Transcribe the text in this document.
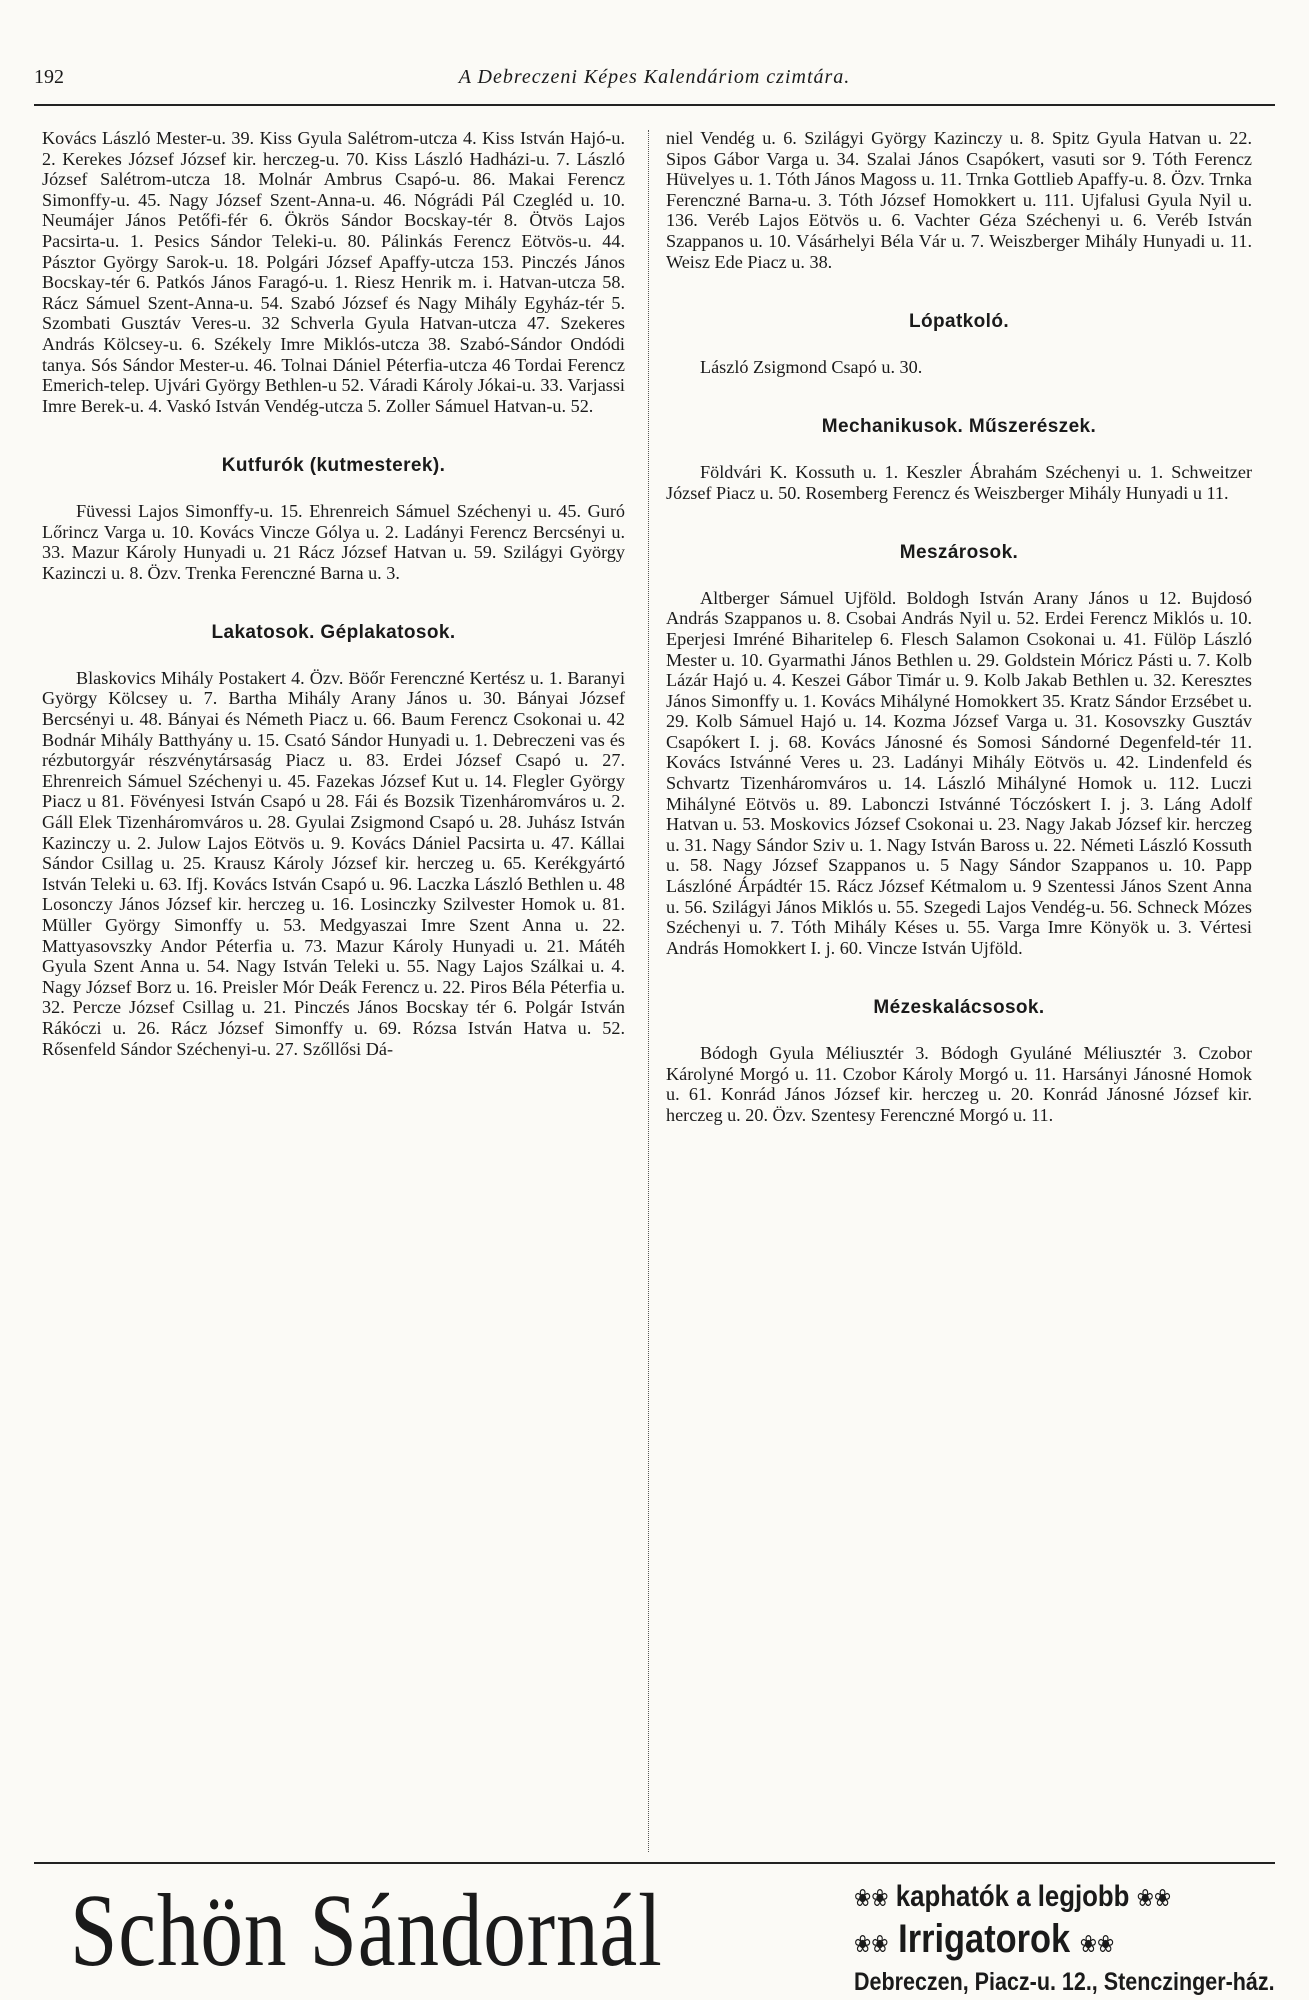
192	A Debreczeni Képes Kalendáriom czimtára.

Kovács László Mester-u. 39. Kiss Gyula Salétrom-utcza 4. Kiss István Hajó-u. 2. Kerekes József József kir. herczeg-u. 70. Kiss László Hadházi-u. 7. László József Salétrom-utcza 18. Molnár Ambrus Csapó-u. 86. Makai Ferencz Simonffy-u. 45. Nagy József Szent-Anna-u. 46. Nógrádi Pál Czegléd u. 10. Neumájer János Petőfi-fér 6. Ökrös Sándor Bocskay-tér 8. Ötvös Lajos Pacsirta-u. 1. Pesics Sándor Teleki-u. 80. Pálinkás Ferencz Eötvös-u. 44. Pásztor György Sarok-u. 18. Polgári József Apaffy-utcza 153. Pinczés János Bocskay-tér 6. Patkós János Faragó-u. 1. Riesz Henrik m. i. Hatvan-utcza 58. Rácz Sámuel Szent-Anna-u. 54. Szabó József és Nagy Mihály Egyház-tér 5. Szombati Gusztáv Veres-u. 32 Schverla Gyula Hatvan-utcza 47. Szekeres András Kölcsey-u. 6. Székely Imre Miklós-utcza 38. Szabó-Sándor Ondódi tanya. Sós Sándor Mester-u. 46. Tolnai Dániel Péterfia-utcza 46 Tordai Ferencz Emerich-telep. Ujvári György Bethlen-u 52. Váradi Károly Jókai-u. 33. Varjassi Imre Berek-u. 4. Vaskó István Vendég-utcza 5. Zoller Sámuel Hatvan-u. 52.

Kutfurók (kutmesterek).

Füvessi Lajos Simonffy-u. 15. Ehrenreich Sámuel Széchenyi u. 45. Guró Lőrincz Varga u. 10. Kovács Vincze Gólya u. 2. Ladányi Ferencz Bercsényi u. 33. Mazur Károly Hunyadi u. 21 Rácz József Hatvan u. 59. Szilágyi György Kazinczi u. 8. Özv. Trenka Ferenczné Barna u. 3.

Lakatosok. Géplakatosok.

Blaskovics Mihály Postakert 4. Özv. Böőr Ferenczné Kertész u. 1. Baranyi György Kölcsey u. 7. Bartha Mihály Arany János u. 30. Bányai József Bercsényi u. 48. Bányai és Németh Piacz u. 66. Baum Ferencz Csokonai u. 42 Bodnár Mihály Batthyány u. 15. Csató Sándor Hunyadi u. 1. Debreczeni vas és rézbutorgyár részvénytársaság Piacz u. 83. Erdei József Csapó u. 27. Ehrenreich Sámuel Széchenyi u. 45. Fazekas József Kut u. 14. Flegler György Piacz u 81. Fövényesi István Csapó u 28. Fái és Bozsik Tizenháromváros u. 2. Gáll Elek Tizenháromváros u. 28. Gyulai Zsigmond Csapó u. 28. Juhász István Kazinczy u. 2. Julow Lajos Eötvös u. 9. Kovács Dániel Pacsirta u. 47. Kállai Sándor Csillag u. 25. Krausz Károly József kir. herczeg u. 65. Kerékgyártó István Teleki u. 63. Ifj. Kovács István Csapó u. 96. Laczka László Bethlen u. 48 Losonczy János József kir. herczeg u. 16. Losinczky Szilvester Homok u. 81. Müller György Simonffy u. 53. Medgyaszai Imre Szent Anna u. 22. Mattyasovszky Andor Péterfia u. 73. Mazur Károly Hunyadi u. 21. Mátéh Gyula Szent Anna u. 54. Nagy István Teleki u. 55. Nagy Lajos Szálkai u. 4. Nagy József Borz u. 16. Preisler Mór Deák Ferencz u. 22. Piros Béla Péterfia u. 32. Percze József Csillag u. 21. Pinczés János Bocskay tér 6. Polgár István Rákóczi u. 26. Rácz József Simonffy u. 69. Rózsa István Hatva u. 52. Rősenfeld Sándor Széchenyi-u. 27. Szőllősi Dá-

niel Vendég u. 6. Szilágyi György Kazinczy u. 8. Spitz Gyula Hatvan u. 22. Sipos Gábor Varga u. 34. Szalai János Csapókert, vasuti sor 9. Tóth Ferencz Hüvelyes u. 1. Tóth János Magoss u. 11. Trnka Gottlieb Apaffy-u. 8. Özv. Trnka Ferenczné Barna-u. 3. Tóth József Homokkert u. 111. Ujfalusi Gyula Nyil u. 136. Veréb Lajos Eötvös u. 6. Vachter Géza Széchenyi u. 6. Veréb István Szappanos u. 10. Vásárhelyi Béla Vár u. 7. Weiszberger Mihály Hunyadi u. 11. Weisz Ede Piacz u. 38.

Lópatkoló.

László Zsigmond Csapó u. 30.

Mechanikusok. Műszerészek.

Földvári K. Kossuth u. 1. Keszler Ábrahám Széchenyi u. 1. Schweitzer József Piacz u. 50. Rosemberg Ferencz és Weiszberger Mihály Hunyadi u 11.

Meszárosok.

Altberger Sámuel Ujföld. Boldogh István Arany János u 12. Bujdosó András Szappanos u. 8. Csobai András Nyil u. 52. Erdei Ferencz Miklós u. 10. Eperjesi Imréné Biharitelep 6. Flesch Salamon Csokonai u. 41. Fülöp László Mester u. 10. Gyarmathi János Bethlen u. 29. Goldstein Móricz Pásti u. 7. Kolb Lázár Hajó u. 4. Keszei Gábor Timár u. 9. Kolb Jakab Bethlen u. 32. Keresztes János Simonffy u. 1. Kovács Mihályné Homokkert 35. Kratz Sándor Erzsébet u. 29. Kolb Sámuel Hajó u. 14. Kozma József Varga u. 31. Kosovszky Gusztáv Csapókert I. j. 68. Kovács Jánosné és Somosi Sándorné Degenfeld-tér 11. Kovács Istvánné Veres u. 23. Ladányi Mihály Eötvös u. 42. Lindenfeld és Schvartz Tizenháromváros u. 14. László Mihályné Homok u. 112. Luczi Mihályné Eötvös u. 89. Labonczi Istvánné Tóczóskert I. j. 3. Láng Adolf Hatvan u. 53. Moskovics József Csokonai u. 23. Nagy Jakab József kir. herczeg u. 31. Nagy Sándor Sziv u. 1. Nagy István Baross u. 22. Németi László Kossuth u. 58. Nagy József Szappanos u. 5 Nagy Sándor Szappanos u. 10. Papp Lászlóné Árpádtér 15. Rácz József Kétmalom u. 9 Szentessi János Szent Anna u. 56. Szilágyi János Miklós u. 55. Szegedi Lajos Vendég-u. 56. Schneck Mózes Széchenyi u. 7. Tóth Mihály Késes u. 55. Varga Imre Könyök u. 3. Vértesi András Homokkert I. j. 60. Vincze István Ujföld.

Mézeskalácsosok.

Bódogh Gyula Méliusztér 3. Bódogh Gyuláné Méliusztér 3. Czobor Károlyné Morgó u. 11. Czobor Károly Morgó u. 11. Harsányi Jánosné Homok u. 61. Konrád János József kir. herczeg u. 20. Konrád Jánosné József kir. herczeg u. 20. Özv. Szentesy Ferenczné Morgó u. 11.

Schön Sándornál	❀❀ kaphatók a legjobb ❀❀
❀❀ Irrigatorok ❀❀
Debreczen, Piacz-u. 12., Stenczinger-ház.
